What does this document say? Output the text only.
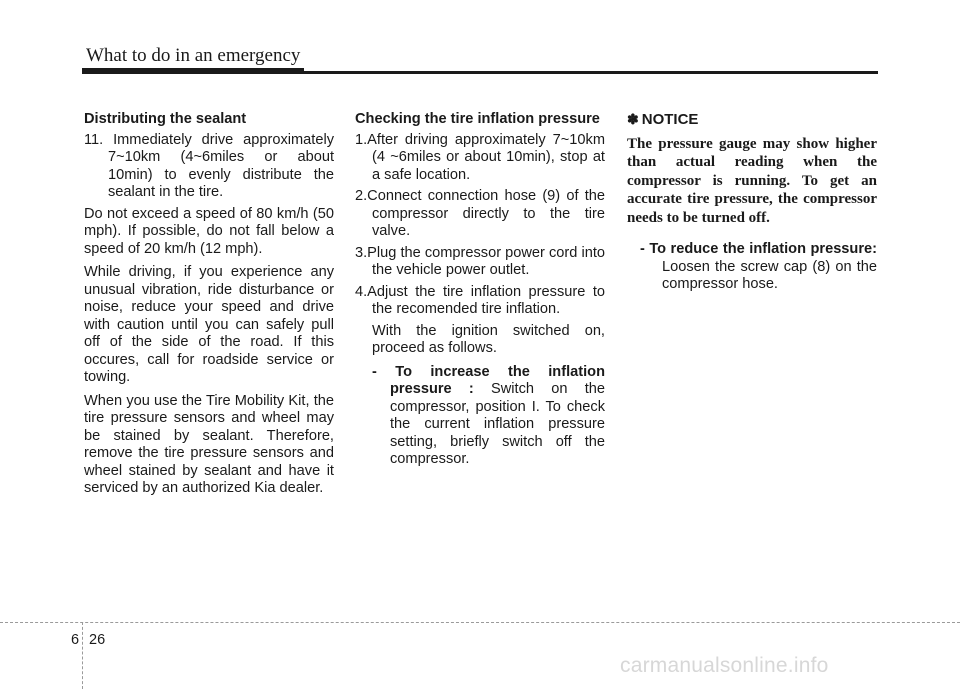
What to do in an emergency
Distributing the sealant
11. Immediately drive approximately 7~10km (4~6miles or about 10min) to evenly distribute the sealant in the tire.

Do not exceed a speed of 80 km/h (50 mph). If possible, do not fall below a speed of 20 km/h (12 mph).

While driving, if you experience any unusual vibration, ride disturbance or noise, reduce your speed and drive with caution until you can safely pull off of the side of the road. If this occures, call for roadside service or towing.

When you use the Tire Mobility Kit, the tire pressure sensors and wheel may be stained by sealant. Therefore, remove the tire pressure sensors and wheel stained by sealant and have it serviced by an authorized Kia dealer.

Checking the tire inflation pressure
1.After driving approximately 7~10km (4 ~6miles or about 10min), stop at a safe location.
2.Connect connection hose (9) of the compressor directly to the tire valve.
3.Plug the compressor power cord into the vehicle power outlet.
4.Adjust the tire inflation pressure to the recomended tire inflation.
With the ignition switched on, proceed as follows.
- To increase the inflation pressure : Switch on the compressor, position I. To check the current inflation pressure setting, briefly switch off the compressor.
✽ NOTICE
The pressure gauge may show higher than actual reading when the compressor is running. To get an accurate tire pressure, the compressor needs to be turned off.
- To reduce the inflation pressure: Loosen the screw cap (8) on the compressor hose.
6 26
carmanualsonline.info
